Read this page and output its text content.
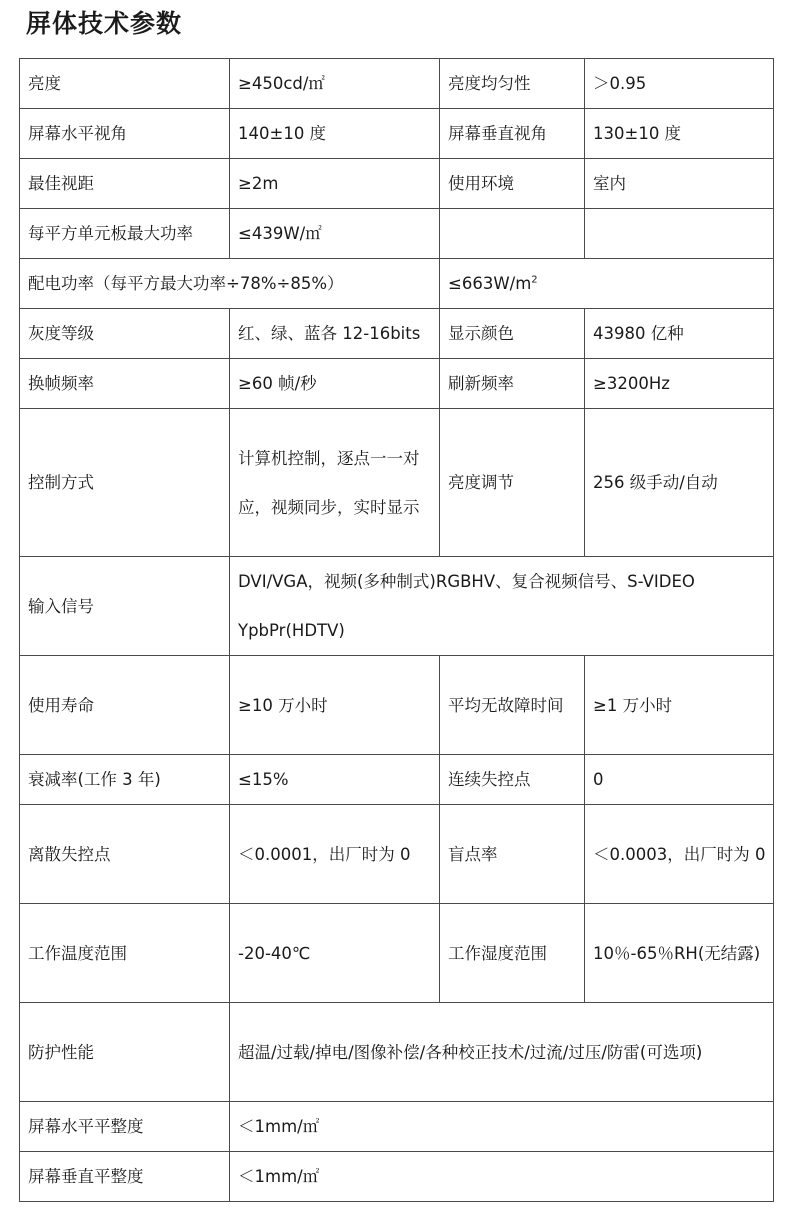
屏体技术参数
亮度	≥450cd/㎡	亮度均匀性	＞0.95
屏幕水平视角	140±10 度	屏幕垂直视角	130±10 度
最佳视距	≥2m	使用环境	室内
每平方单元板最大功率	≤439W/㎡		
配电功率（每平方最大功率÷78%÷85%）		$\le 663W/m^2$
灰度等级	红、绿、蓝各 12-16bits	显示颜色	43980 亿种
换帧频率	≥60 帧/秒	刷新频率	≥3200Hz
控制方式	计算机控制，逐点一一对应，视频同步，实时显示	亮度调节	256 级手动/自动
输入信号	DVI/VGA，视频(多种制式)RGBHV、复合视频信号、S-VIDEO YpbPr(HDTV)		
使用寿命	≥10 万小时	平均无故障时间	≥1 万小时
衰减率(工作 3 年)	≤15%	连续失控点	0
离散失控点	＜0.0001，出厂时为 0	盲点率	＜0.0003，出厂时为 0
工作温度范围	-20-40℃	工作湿度范围	10％-65％RH(无结露)
防护性能	超温/过载/掉电/图像补偿/各种校正技术/过流/过压/防雷(可选项)		
屏幕水平平整度	＜1mm/㎡		
屏幕垂直平整度	＜1mm/㎡		
